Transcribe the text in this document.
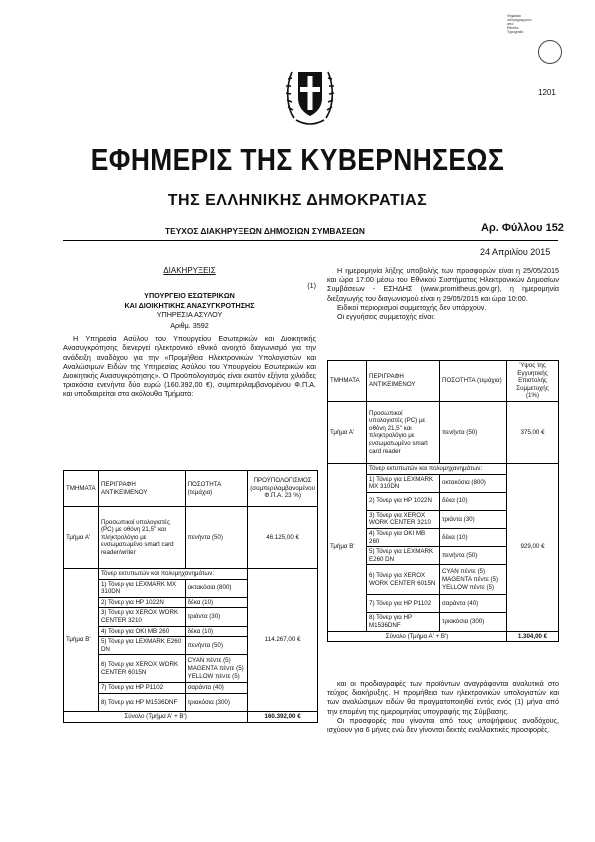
Ψηφιακά
υπογεγραμμένο
από
Ethniko
Typografio
1201
ΕΦΗΜΕΡΙΣ ΤΗΣ ΚΥΒΕΡΝΗΣΕΩΣ
ΤΗΣ ΕΛΛΗΝΙΚΗΣ ΔΗΜΟΚΡΑΤΙΑΣ
ΤΕΥΧΟΣ ΔΙΑΚΗΡΥΞΕΩΝ ΔΗΜΟΣΙΩΝ ΣΥΜΒΑΣΕΩΝ	Αρ. Φύλλου 152
24 Απριλίου 2015
ΔΙΑΚΗΡΥΞΕΙΣ
(1)
ΥΠΟΥΡΓΕΙΟ ΕΣΩΤΕΡΙΚΩΝ
ΚΑΙ ΔΙΟΙΚΗΤΙΚΗΣ ΑΝΑΣΥΓΚΡΟΤΗΣΗΣ
ΥΠΗΡΕΣΙΑ ΑΣΥΛΟΥ
Αριθμ. 3592
Η Υπηρεσία Ασύλου του Υπουργείου Εσωτερικών και Διοικητικής Ανασυγκρότησης διενεργεί ηλεκτρονικό εθνικό ανοιχτό διαγωνισμό για την ανάδειξη αναδόχου για την «Προμήθεια Ηλεκτρονικών Υπολογιστών και Αναλώσιμων Ειδών της Υπηρεσίας Ασύλου του Υπουργείου Εσωτερικών και Διοικητικής Ανασυγκρότησης». Ο Προϋπολογισμός είναι εκατόν εξήντα χιλιάδες τριακόσια ενενήντα δύο ευρώ (160.392,00 €), συμπεριλαμβανομένου Φ.Π.Α. και υποδιαιρείται στα ακόλουθα Τμήματα:
ΤΜΗΜΑΤΑ	ΠΕΡΙΓΡΑΦΗ ΑΝΤΙΚΕΙΜΕΝΟΥ	ΠΟΣΟΤΗΤΑ (τεμάχια)	ΠΡΟΫΠΟΛΟΓΙΣΜΟΣ (συμπεριλαμβανομένου Φ.Π.Α. 23 %)
Τμήμα Α'	Προσωπικοί υπολογιστές (PC) με οθόνη 21,5'' και πληκτρολόγιο με ενσωματωμένο smart card reader/writer	πενήντα (50)	46.125,00 €
Τμήμα Β'	Τόνερ εκτυπωτών και πολυμηχανημάτων:		114.267,00 €
	1) Τόνερ για LEXMARK MX 310DN	οκτακόσια (800)	
	2) Τόνερ για HP 1022N	δέκα (10)	
	3) Τόνερ για XEROX WORK CENTER 3210	τριάντα (30)	
	4) Τόνερ για OKI MB 260	δέκα (10)	
	5) Τόνερ για LEXMARK E260 DN	πενήντα (50)	
	6) Τόνερ για XEROX WORK CENTER 6015N	CYAN πέντε (5) MAGENTA πέντε (5) YELLOW πέντε (5)	
	7) Τόνερ για HP P1102	σαράντα (40)	
	8) Τόνερ για HP M1536DNF	τριακόσια (300)	
Σύνολο (Τμήμα Α' + Β')			160.392,00 €
Η ημερομηνία λήξης υποβολής των προσφορών είναι η 25/05/2015 και ώρα 17:00 μέσω του Εθνικού Συστήματος Ηλεκτρονικών Δημοσίων Συμβάσεων - ΕΣΗΔΗΣ (www.promitheus.gov.gr), η ημερομηνία διεξαγωγής του διαγωνισμού είναι η 29/05/2015 και ώρα 10:00.
Ειδικοί περιορισμοί συμμετοχής δεν υπάρχουν.
Οι εγγυήσεις συμμετοχής είναι:
ΤΜΗΜΑΤΑ	ΠΕΡΙΓΡΑΦΗ ΑΝΤΙΚΕΙΜΕΝΟΥ	ΠΟΣΟΤΗΤΑ (τεμάχια)	Ύψος της Εγγυητικής Επιστολής Συμμετοχής (1%)
Τμήμα Α'	Προσωπικοί υπολογιστές (PC) με οθόνη 21,5'' και πληκτρολόγιο με ενσωματωμένο smart card reader	πενήντα (50)	375,00 €
Τμήμα Β'	Τόνερ εκτυπωτών και πολυμηχανημάτων:		929,00 €
	1) Τόνερ για LEXMARK MX 310DN	οκτακόσια (800)	
	2) Τόνερ για HP 1022N	δέκα (10)	
	3) Τόνερ για XEROX WORK CENTER 3210	τριάντα (30)	
	4) Τόνερ για OKI MB 260	δέκα (10)	
	5) Τόνερ για LEXMARK E260 DN	πενήντα (50)	
	6) Τόνερ για XEROX WORK CENTER 6015N	CYAN πέντε (5) MAGENTA πέντε (5) YELLOW πέντε (5)	
	7) Τόνερ για HP P1102	σαράντα (40)	
	8) Τόνερ για HP M1536DNF	τριακόσια (300)	
Σύνολο (Τμήμα Α' + Β')			1.304,00 €
και οι προδιαγραφές των προϊόντων αναγράφονται αναλυτικά στο τεύχος διακήρυξης. Η προμήθεια των ηλεκτρονικών υπολογιστών και των αναλώσιμων ειδών θα πραγματοποιηθεί εντός ενός (1) μήνα από την επομένη της ημερομηνίας υπογραφής της Σύμβασης.
Οι προσφορές που γίνονται από τους υποψήφιους αναδόχους, ισχύουν για 6 μήνες ενώ δεν γίνονται δεκτές εναλλακτικές προσφορές.
